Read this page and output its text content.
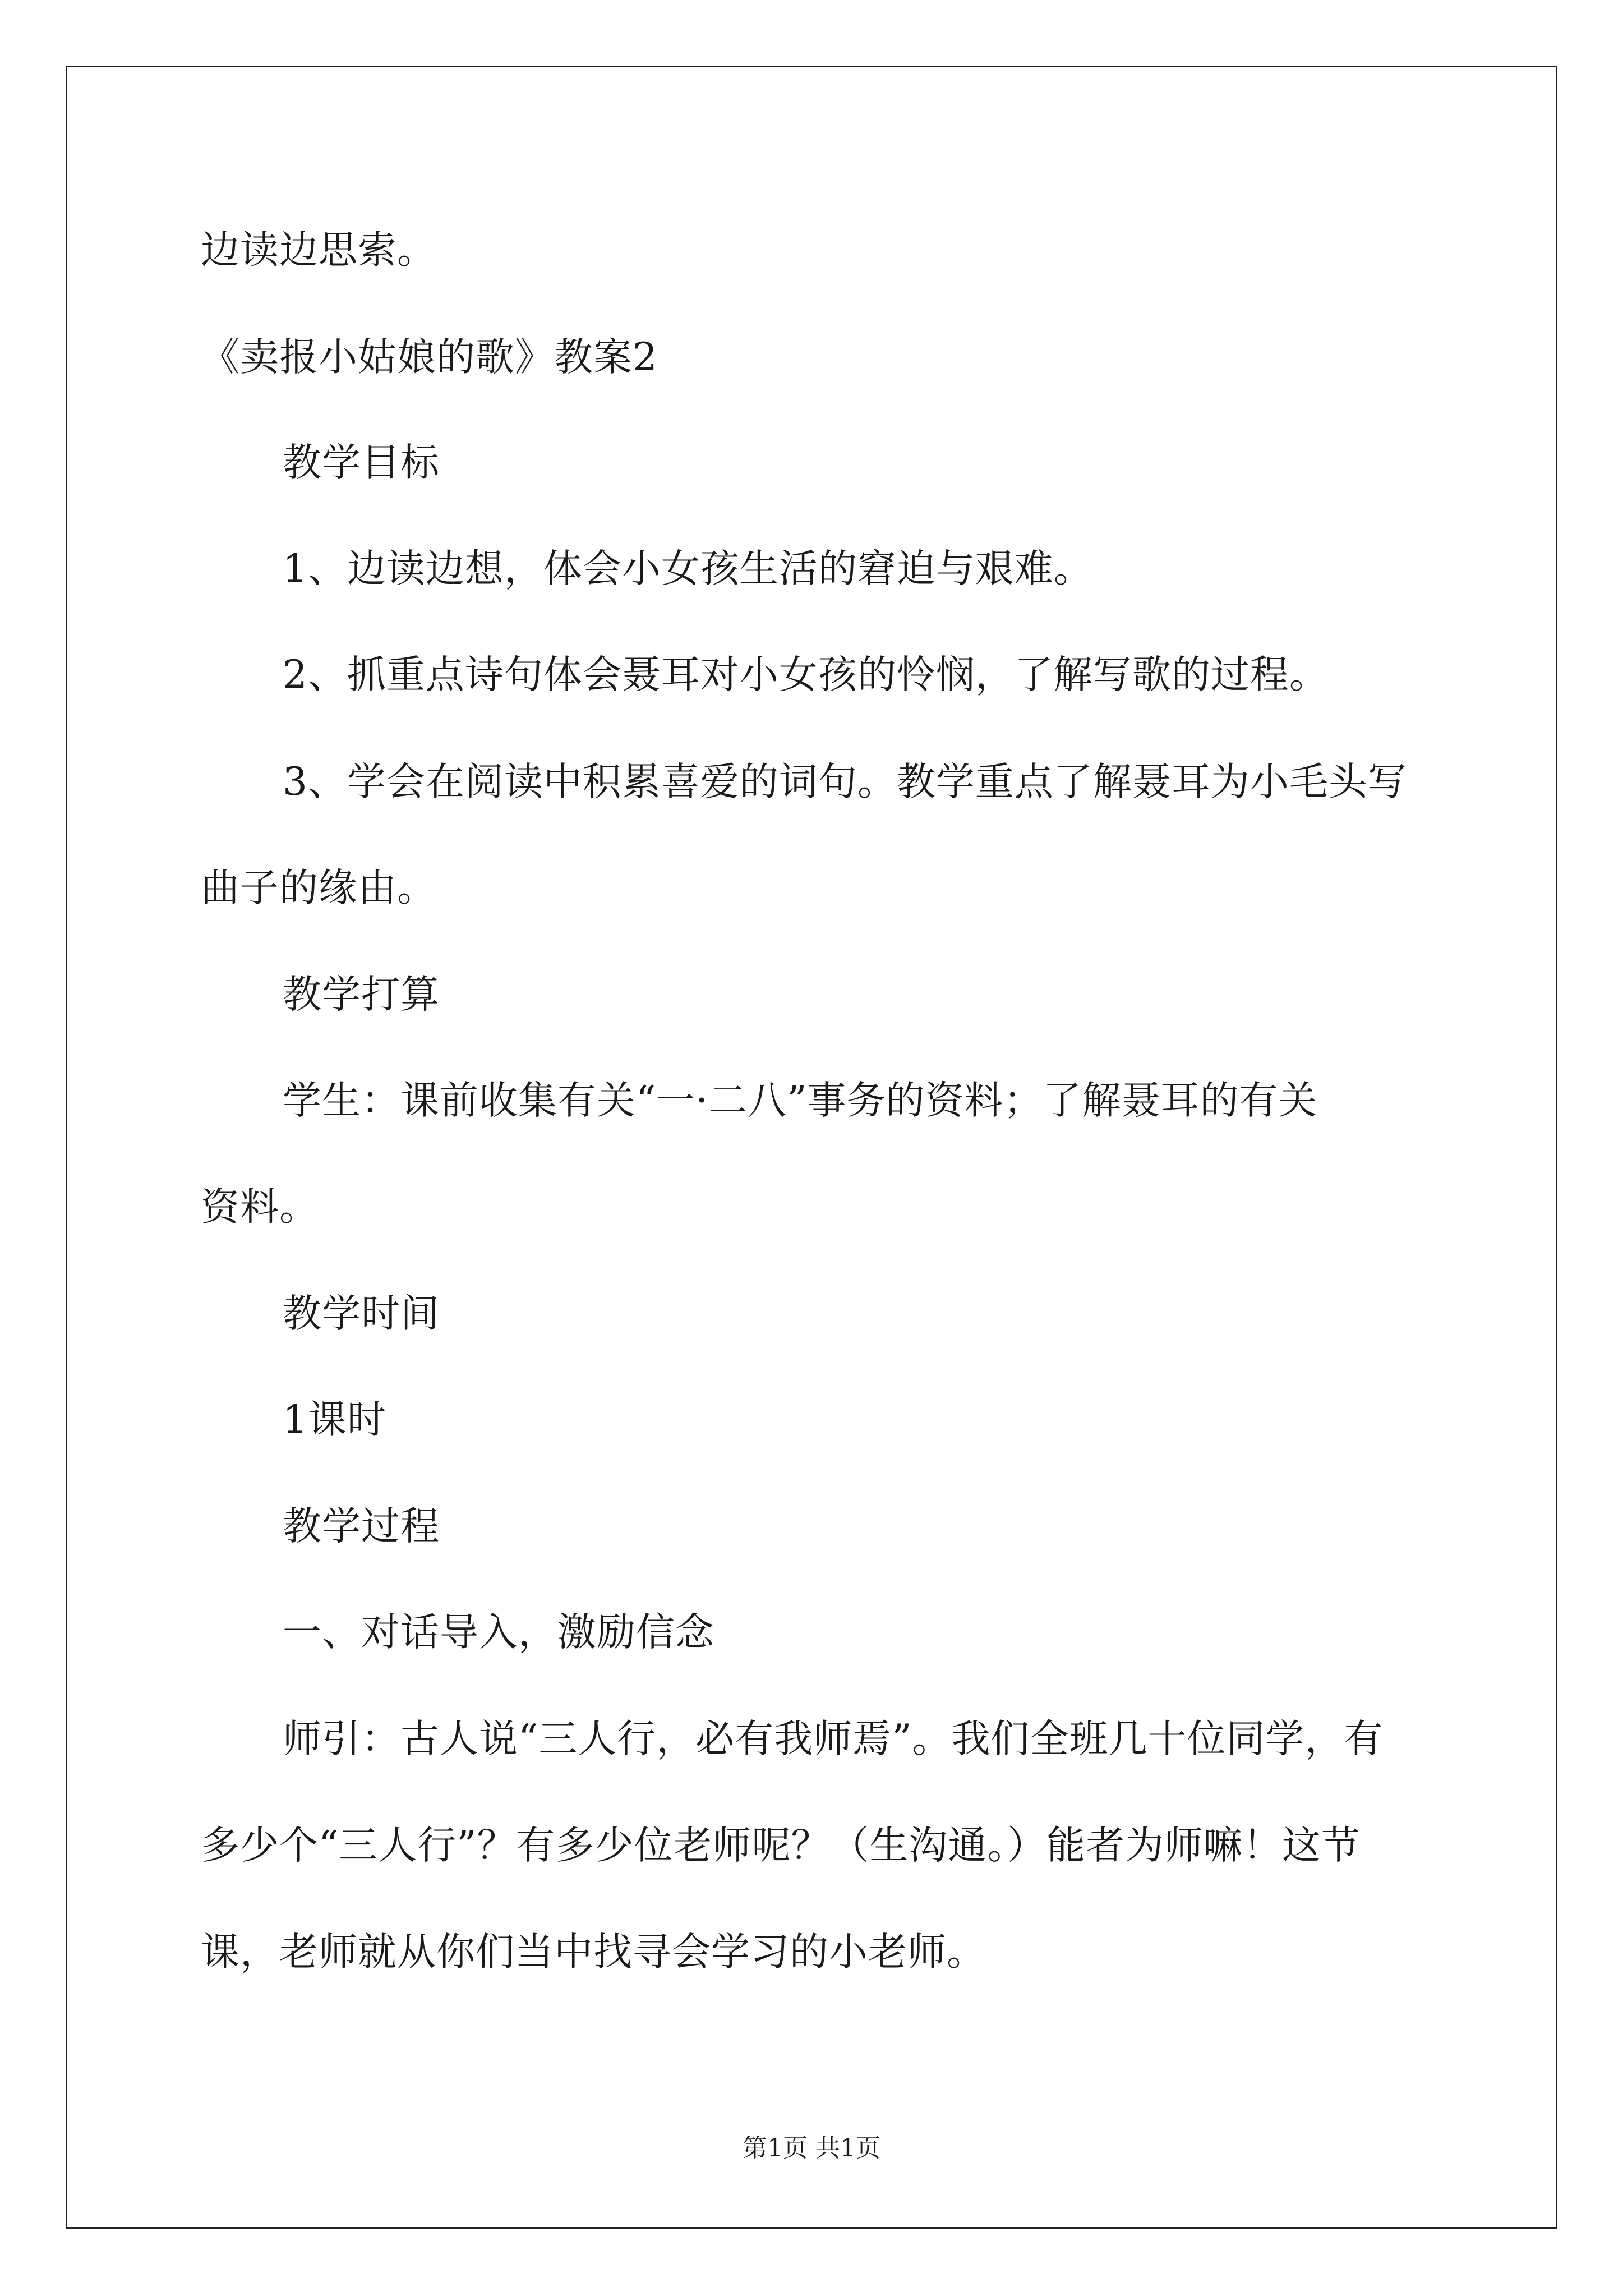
边读边思索。
《卖报小姑娘的歌》教案2
教学目标
1、边读边想，体会小女孩生活的窘迫与艰难。
2、抓重点诗句体会聂耳对小女孩的怜悯，了解写歌的过程。
3、学会在阅读中积累喜爱的词句。教学重点了解聂耳为小毛头写
曲子的缘由。
教学打算
学生：课前收集有关“一·二八”事务的资料；了解聂耳的有关
资料。
教学时间
1课时
教学过程
一、对话导入，激励信念
师引：古人说“三人行，必有我师焉”。我们全班几十位同学，有
多少个“三人行”？有多少位老师呢？（生沟通。）能者为师嘛！这节
课，老师就从你们当中找寻会学习的小老师。
第1页 共1页
